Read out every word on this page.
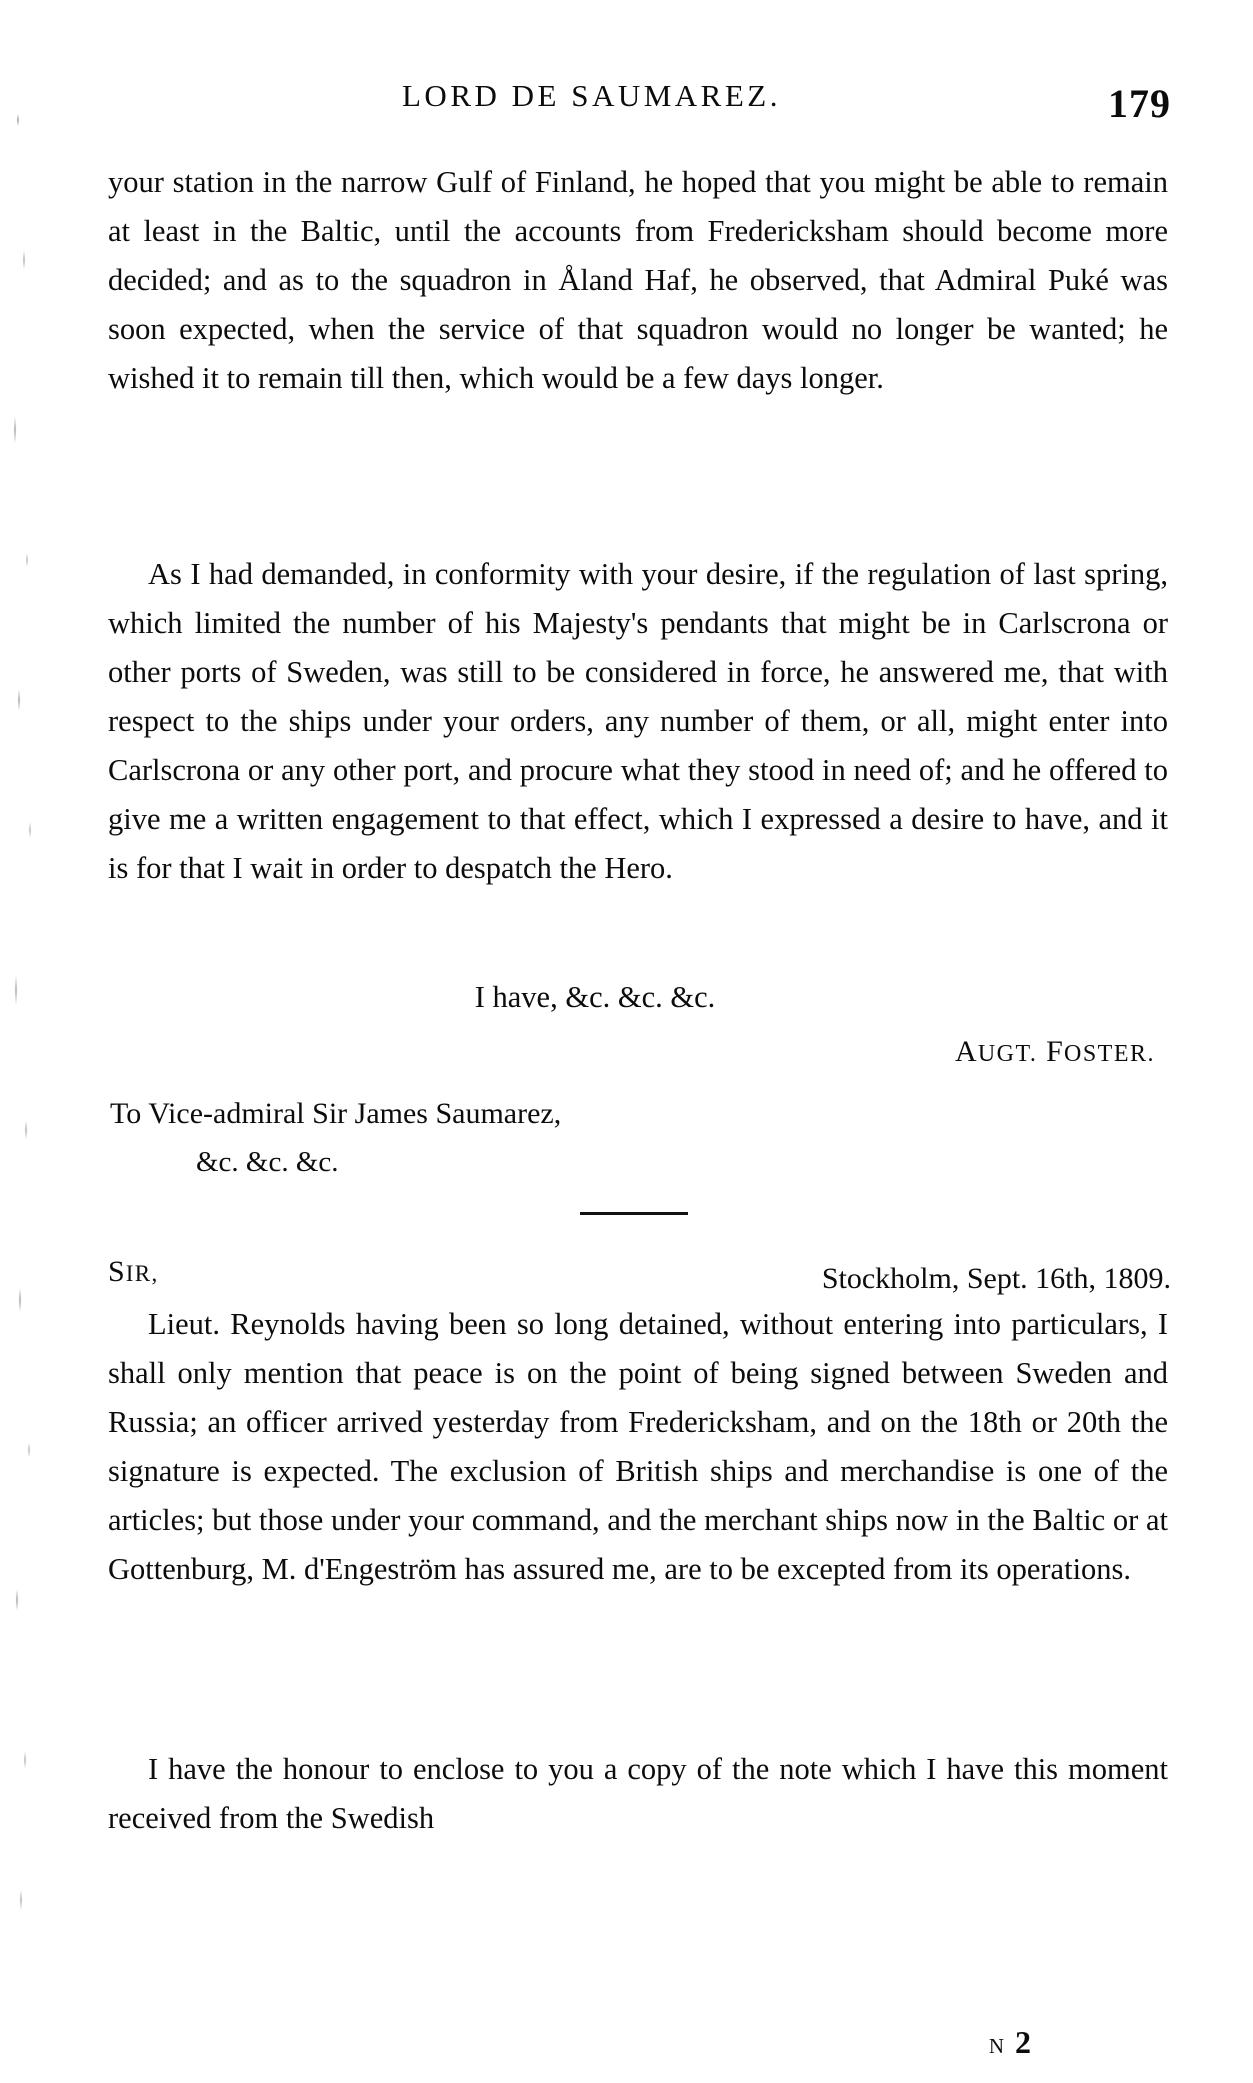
LORD DE SAUMAREZ.	179

your station in the narrow Gulf of Finland, he hoped that you might be able to remain at least in the Baltic, until the accounts from Fredericksham should become more decided; and as to the squadron in Åland Haf, he observed, that Admiral Puké was soon expected, when the service of that squadron would no longer be wanted; he wished it to remain till then, which would be a few days longer.

As I had demanded, in conformity with your desire, if the regulation of last spring, which limited the number of his Majesty's pendants that might be in Carlscrona or other ports of Sweden, was still to be considered in force, he answered me, that with respect to the ships under your orders, any number of them, or all, might enter into Carlscrona or any other port, and procure what they stood in need of; and he offered to give me a written engagement to that effect, which I expressed a desire to have, and it is for that I wait in order to despatch the Hero.

I have, &c. &c. &c.
AUGT. FOSTER.
To Vice-admiral Sir James Saumarez,
&c. &c. &c.
SIR,	Stockholm, Sept. 16th, 1809.

Lieut. Reynolds having been so long detained, without entering into particulars, I shall only mention that peace is on the point of being signed between Sweden and Russia; an officer arrived yesterday from Fredericksham, and on the 18th or 20th the signature is expected. The exclusion of British ships and merchandise is one of the articles; but those under your command, and the merchant ships now in the Baltic or at Gottenburg, M. d'Engeström has assured me, are to be excepted from its operations.

I have the honour to enclose to you a copy of the note which I have this moment received from the Swedish

N 2
